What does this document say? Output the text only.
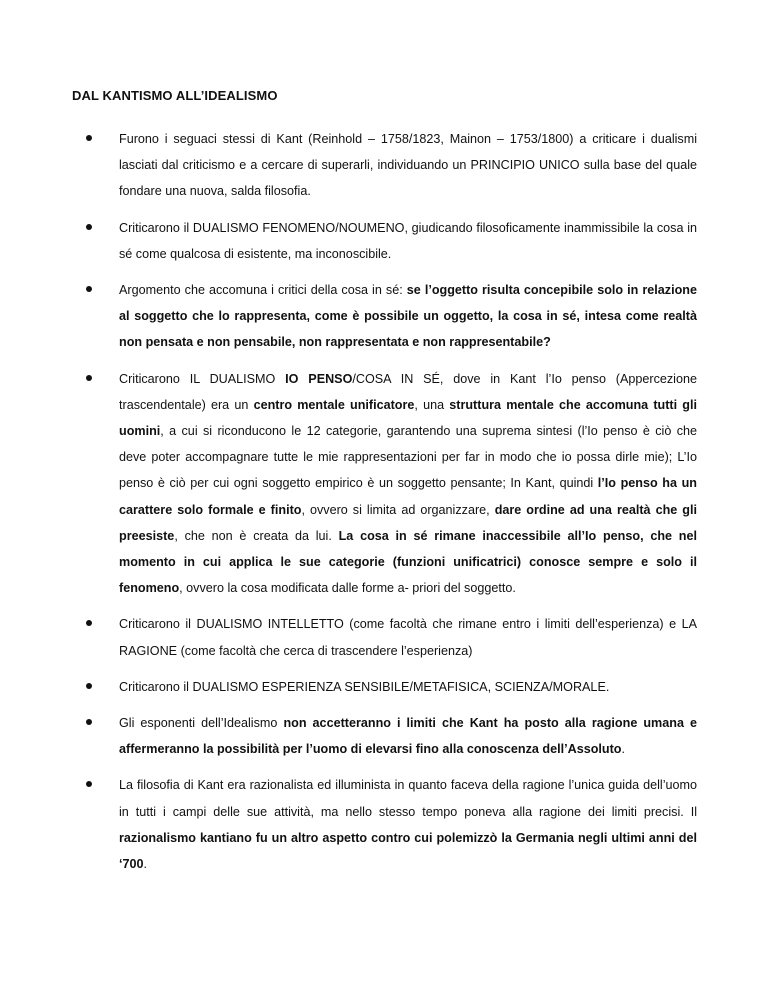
DAL KANTISMO ALL’IDEALISMO
Furono i seguaci stessi di Kant (Reinhold – 1758/1823, Mainon – 1753/1800) a criticare i dualismi lasciati dal criticismo e a cercare di superarli, individuando un PRINCIPIO UNICO sulla base del quale fondare una nuova, salda filosofia.
Criticarono il DUALISMO FENOMENO/NOUMENO, giudicando filosoficamente inammissibile la cosa in sé come qualcosa di esistente, ma inconoscibile.
Argomento che accomuna i critici della cosa in sé: se l’oggetto risulta concepibile solo in relazione al soggetto che lo rappresenta, come è possibile un oggetto, la cosa in sé, intesa come realtà non pensata e non pensabile, non rappresentata e non rappresentabile?
Criticarono IL DUALISMO IO PENSO/COSA IN SÉ, dove in Kant l’Io penso (Appercezione trascendentale) era un centro mentale unificatore, una struttura mentale che accomuna tutti gli uomini, a cui si riconducono le 12 categorie, garantendo una suprema sintesi (l’Io penso è ciò che deve poter accompagnare tutte le mie rappresentazioni per far in modo che io possa dirle mie); L’Io penso è ciò per cui ogni soggetto empirico è un soggetto pensante; In Kant, quindi l’Io penso ha un carattere solo formale e finito, ovvero si limita ad organizzare, dare ordine ad una realtà che gli preesiste, che non è creata da lui. La cosa in sé rimane inaccessibile all’Io penso, che nel momento in cui applica le sue categorie (funzioni unificatrici) conosce sempre e solo il fenomeno, ovvero la cosa modificata dalle forme a- priori del soggetto.
Criticarono il DUALISMO INTELLETTO (come facoltà che rimane entro i limiti dell’esperienza) e LA RAGIONE (come facoltà che cerca di trascendere l’esperienza)
Criticarono il DUALISMO ESPERIENZA SENSIBILE/METAFISICA, SCIENZA/MORALE.
Gli esponenti dell’Idealismo non accetteranno i limiti che Kant ha posto alla ragione umana e affermeranno la possibilità per l’uomo di elevarsi fino alla conoscenza dell’Assoluto.
La filosofia di Kant era razionalista ed illuminista in quanto faceva della ragione l’unica guida dell’uomo in tutti i campi delle sue attività, ma nello stesso tempo poneva alla ragione dei limiti precisi. Il razionalismo kantiano fu un altro aspetto contro cui polemizzò la Germania negli ultimi anni del ‘700.
